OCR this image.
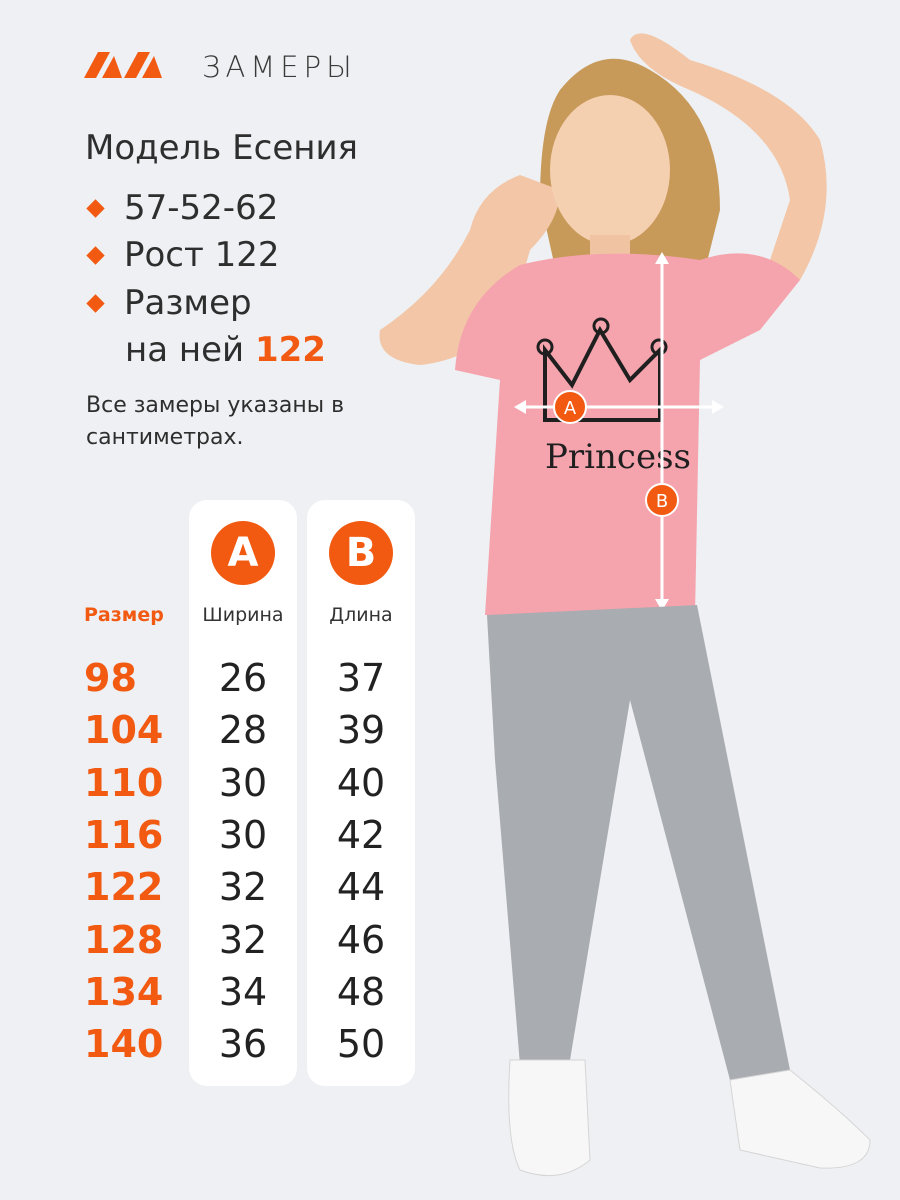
ЗАМЕРЫ
Модель Есения
57-52-62
Рост 122
Размер
на ней 122
Все замеры указаны в сантиметрах.
Размер
A
Ширина
B
Длина
98	26	37
104	28	39
110	30	40
116	30	42
122	32	44
128	32	46
134	34	48
140	36	50
Princess
A
B
